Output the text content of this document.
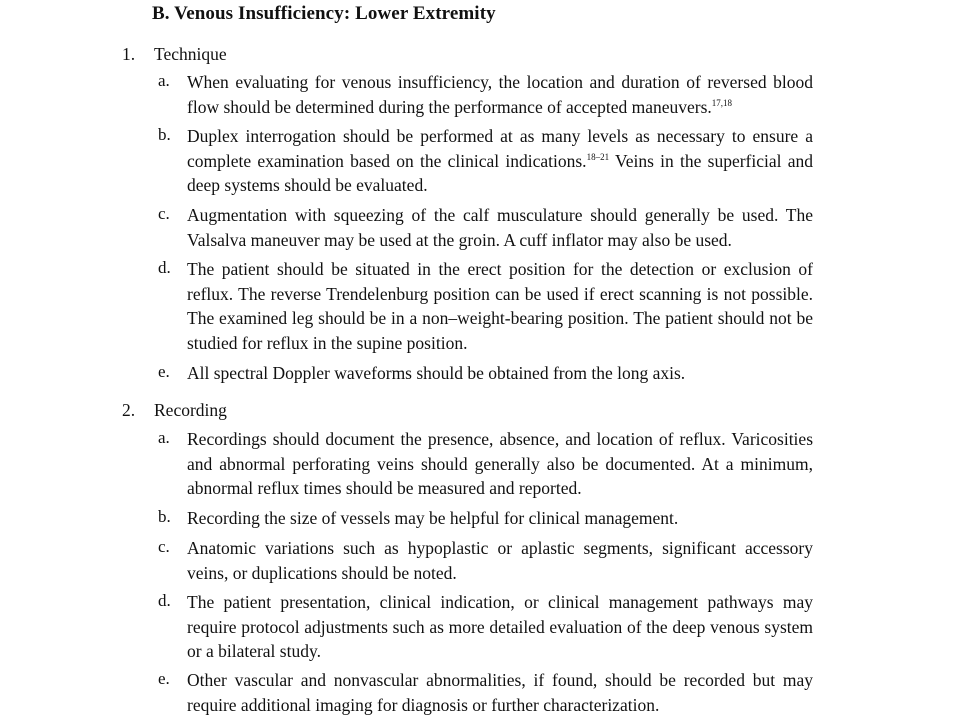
B. Venous Insufficiency: Lower Extremity
1. Technique
a. When evaluating for venous insufficiency, the location and duration of reversed blood flow should be determined during the performance of accepted maneuvers.$^{17,18}$
b. Duplex interrogation should be performed at as many levels as necessary to ensure a complete examination based on the clinical indications.$^{18-21}$ Veins in the superficial and deep systems should be evaluated.
c. Augmentation with squeezing of the calf musculature should generally be used. The Valsalva maneuver may be used at the groin. A cuff inflator may also be used.
d. The patient should be situated in the erect position for the detection or exclusion of reflux. The reverse Trendelenburg position can be used if erect scanning is not possible. The examined leg should be in a non–weight-bearing position. The patient should not be studied for reflux in the supine position.
e. All spectral Doppler waveforms should be obtained from the long axis.
2. Recording
a. Recordings should document the presence, absence, and location of reflux. Varicosities and abnormal perforating veins should generally also be documented. At a minimum, abnormal reflux times should be measured and reported.
b. Recording the size of vessels may be helpful for clinical management.
c. Anatomic variations such as hypoplastic or aplastic segments, significant accessory veins, or duplications should be noted.
d. The patient presentation, clinical indication, or clinical management pathways may require protocol adjustments such as more detailed evaluation of the deep venous system or a bilateral study.
e. Other vascular and nonvascular abnormalities, if found, should be recorded but may require additional imaging for diagnosis or further characterization.
